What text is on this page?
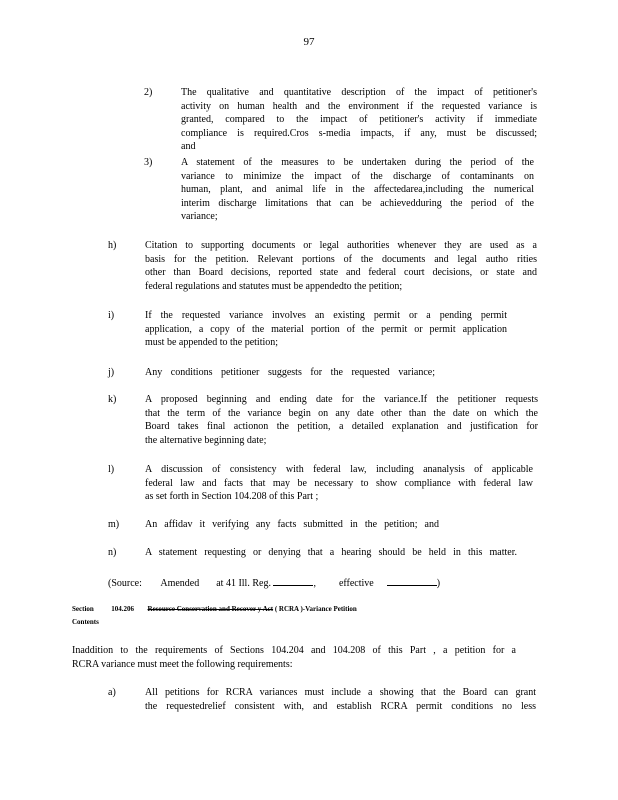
97
2)	The qualitative and quantitative description of the impact of petitioner's
activity on human health and the environment if the requested variance is
granted, compared to the impact of petitioner's activity if immediate
compliance is required.Cros s-media impacts, if any, must be discussed;
and
3)	A statement of the measures to be undertaken during the period of the
variance to minimize the impact of the discharge of contaminants on
human, plant, and animal life in the affectedarea,including the numerical
interim discharge limitations that can be achievedduring the period of the
variance;
h)	Citation to supporting documents or legal authorities whenever they are used as a
basis for the petition. Relevant portions of the documents and legal autho rities
other than Board decisions, reported state and federal court decisions, or state and
federal regulations and statutes must be appendedto the petition;
i)	If the requested variance involves an existing permit or a pending permit
application, a copy of the material portion of the permit or permit application
must be appended to the petition;
j)	Any conditions petitioner suggests for the requested variance;
k)	A proposed beginning and ending date for the variance.If the petitioner requests
that the term of the variance begin on any date other than the date on which the
Board takes final actionon the petition, a detailed explanation and justification for
the alternative beginning date;
l)	A discussion of consistency with federal law, including ananalysis of applicable
federal law and facts that may be necessary to show compliance with federal law
as set forth in Section 104.208 of this Part ;
m)	An affidav it verifying any facts submitted in the petition; and
n)	A statement requesting or denying that a hearing should be held in this matter.
(Source: Amended at 41 Ill. Reg.	, effective	)
Section	104.206 Resource Conservation and Recover y Act ( RCRA )-Variance Petition
Contents
Inaddition to the requirements of Sections 104.204 and 104.208 of this Part , a petition for a
RCRA variance must meet the following requirements:
a)	All petitions for RCRA variances must include a showing that the Board can grant
the requestedrelief consistent with, and establish RCRA permit conditions no less
